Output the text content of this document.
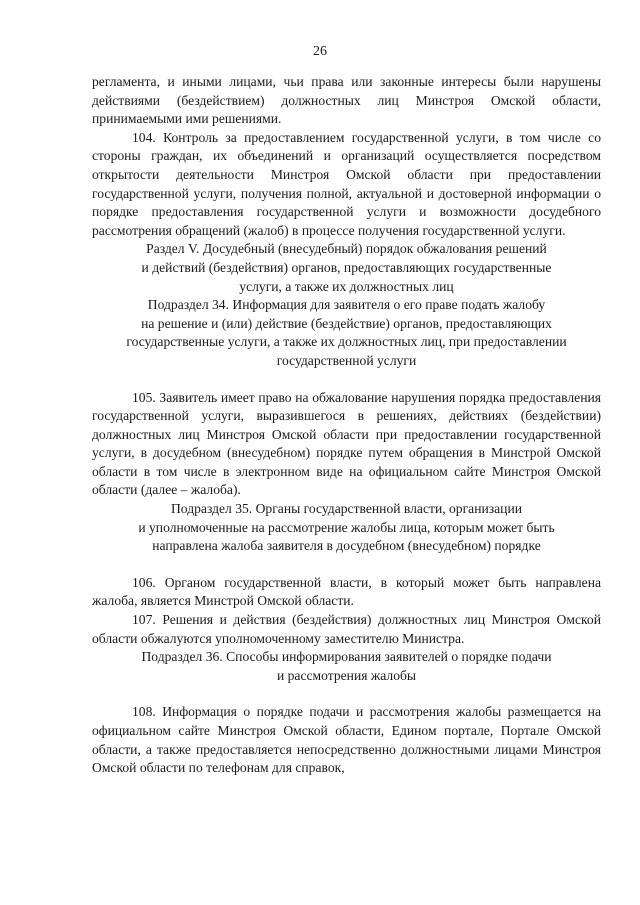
26

регламента, и иными лицами, чьи права или законные интересы были нарушены действиями (бездействием) должностных лиц Минстроя Омской области, принимаемыми ими решениями.

104. Контроль за предоставлением государственной услуги, в том числе со стороны граждан, их объединений и организаций осуществляется посредством открытости деятельности Минстроя Омской области при предоставлении государственной услуги, получения полной, актуальной и достоверной информации о порядке предоставления государственной услуги и возможности досудебного рассмотрения обращений (жалоб) в процессе получения государственной услуги.

Раздел V. Досудебный (внесудебный) порядок обжалования решений
и действий (бездействия) органов, предоставляющих государственные
услуги, а также их должностных лиц
Подраздел 34. Информация для заявителя о его праве подать жалобу
на решение и (или) действие (бездействие) органов, предоставляющих
государственные услуги, а также их должностных лиц, при предоставлении
государственной услуги

105. Заявитель имеет право на обжалование нарушения порядка предоставления государственной услуги, выразившегося в решениях, действиях (бездействии) должностных лиц Минстроя Омской области при предоставлении государственной услуги, в досудебном (внесудебном) порядке путем обращения в Минстрой Омской области в том числе в электронном виде на официальном сайте Минстроя Омской области (далее – жалоба).

Подраздел 35. Органы государственной власти, организации
и уполномоченные на рассмотрение жалобы лица, которым может быть
направлена жалоба заявителя в досудебном (внесудебном) порядке

106. Органом государственной власти, в который может быть направлена жалоба, является Минстрой Омской области.

107. Решения и действия (бездействия) должностных лиц Минстроя Омской области обжалуются уполномоченному заместителю Министра.

Подраздел 36. Способы информирования заявителей о порядке подачи
и рассмотрения жалобы

108. Информация о порядке подачи и рассмотрения жалобы размещается на официальном сайте Минстроя Омской области, Едином портале, Портале Омской области, а также предоставляется непосредственно должностными лицами Минстроя Омской области по телефонам для справок,
